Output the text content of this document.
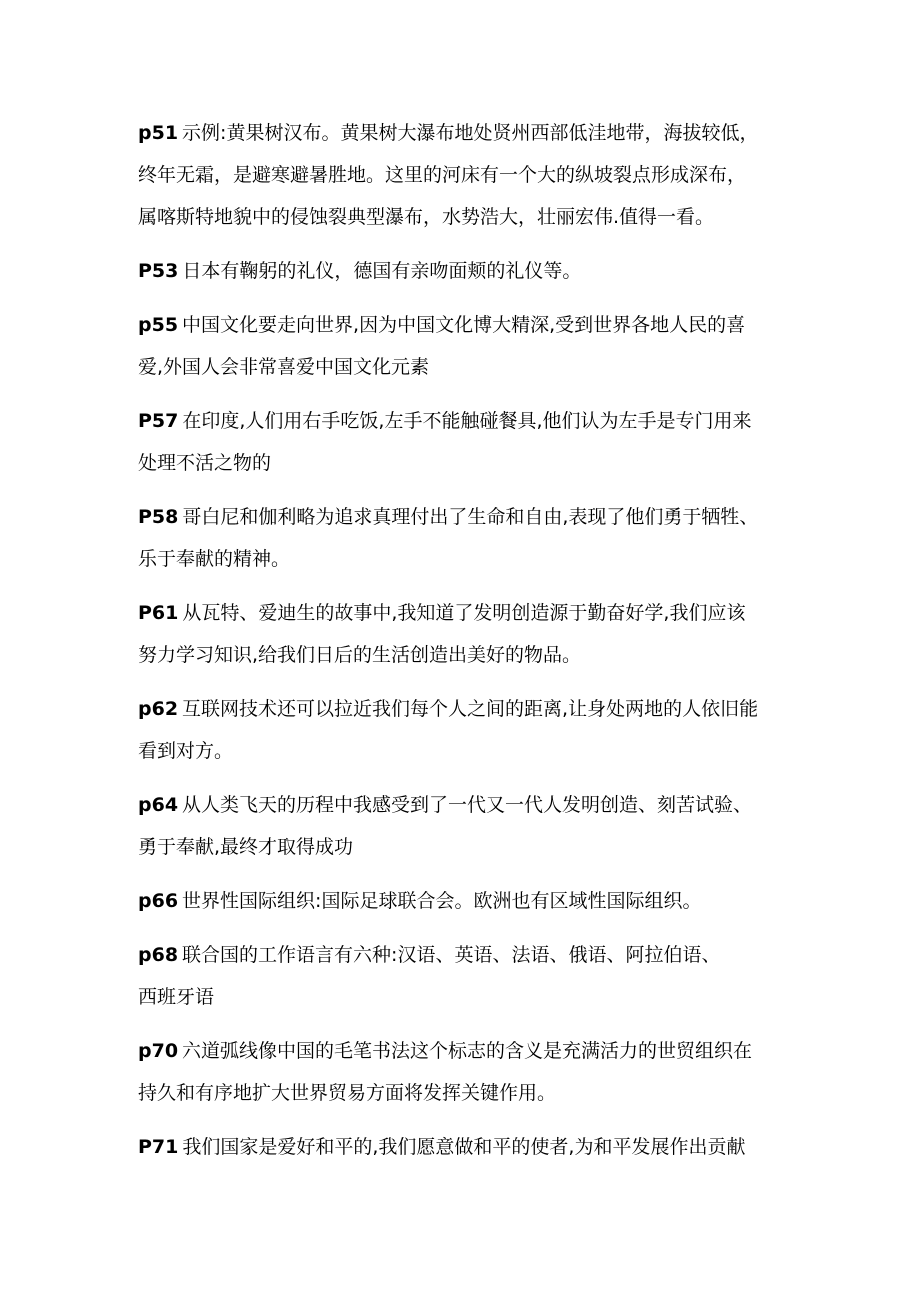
p51 示例:黄果树汉布。黄果树大瀑布地处贤州西部低洼地带，海拔较低，
终年无霜，是避寒避暑胜地。这里的河床有一个大的纵坡裂点形成深布，
属喀斯特地貌中的侵蚀裂典型瀑布，水势浩大，壮丽宏伟.值得一看。
P53 日本有鞠躬的礼仪，德国有亲吻面颊的礼仪等。
p55 中国文化要走向世界,因为中国文化博大精深,受到世界各地人民的喜
爱,外国人会非常喜爱中国文化元素
P57 在印度,人们用右手吃饭,左手不能触碰餐具,他们认为左手是专门用来
处理不活之物的
P58 哥白尼和伽利略为追求真理付出了生命和自由,表现了他们勇于牺牲、
乐于奉献的精神。
P61 从瓦特、爱迪生的故事中,我知道了发明创造源于勤奋好学,我们应该
努力学习知识,给我们日后的生活创造出美好的物品。
p62 互联网技术还可以拉近我们每个人之间的距离,让身处两地的人依旧能
看到对方。
p64 从人类飞天的历程中我感受到了一代又一代人发明创造、刻苦试验、
勇于奉献,最终才取得成功
p66 世界性国际组织:国际足球联合会。欧洲也有区域性国际组织。
p68 联合国的工作语言有六种:汉语、英语、法语、俄语、阿拉伯语、
西班牙语
p70 六道弧线像中国的毛笔书法这个标志的含义是充满活力的世贸组织在
持久和有序地扩大世界贸易方面将发挥关键作用。
P71 我们国家是爱好和平的,我们愿意做和平的使者,为和平发展作出贡献
